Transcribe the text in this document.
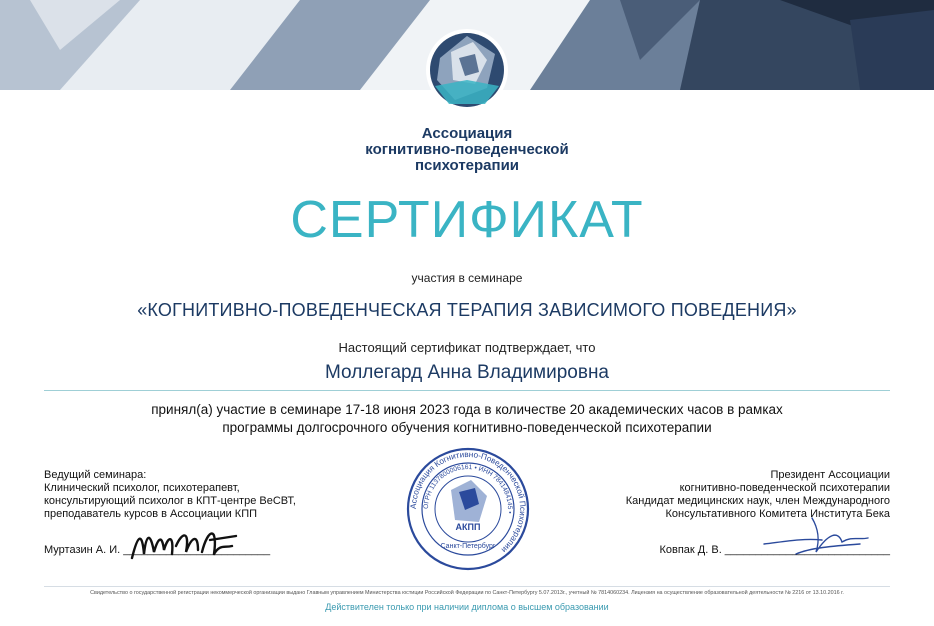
Ассоциация
когнитивно-поведенческой
психотерапии
СЕРТИФИКАТ
участия в семинаре
«КОГНИТИВНО-ПОВЕДЕНЧЕСКАЯ ТЕРАПИЯ ЗАВИСИМОГО ПОВЕДЕНИЯ»
Настоящий сертификат подтверждает, что
Моллегард Анна Владимировна
принял(а) участие в семинаре 17-18 июня 2023 года в количестве 20 академических часов в рамках
программы долгосрочного обучения когнитивно-поведенческой психотерапии
Ведущий семинара:
Клинический психолог, психотерапевт,
консультирующий психолог в КПТ-центре ВеСВТ,
преподаватель курсов в Ассоциации КПП
Муртазин А. И. ________________________
Президент Ассоциации
когнитивно-поведенческой психотерапии
Кандидат медицинских наук, член Международного
Консультативного Комитета Института Бека
Ковпак Д. В. ___________________________
Ассоциация Когнитивно-Поведенческой Психотерапии
ОГРН 1137800006161 • ИНН 7841484145 •
АКПП
Санкт-Петербург
Свидетельство о государственной регистрации некоммерческой организации выдано Главным управлением Министерства юстиции Российской Федерации по Санкт-Петербургу 5.07.2013г., учетный № 7814060234. Лицензия на осуществление образовательной деятельности № 2216 от 13.10.2016 г.
Действителен только при наличии диплома о высшем образовании
